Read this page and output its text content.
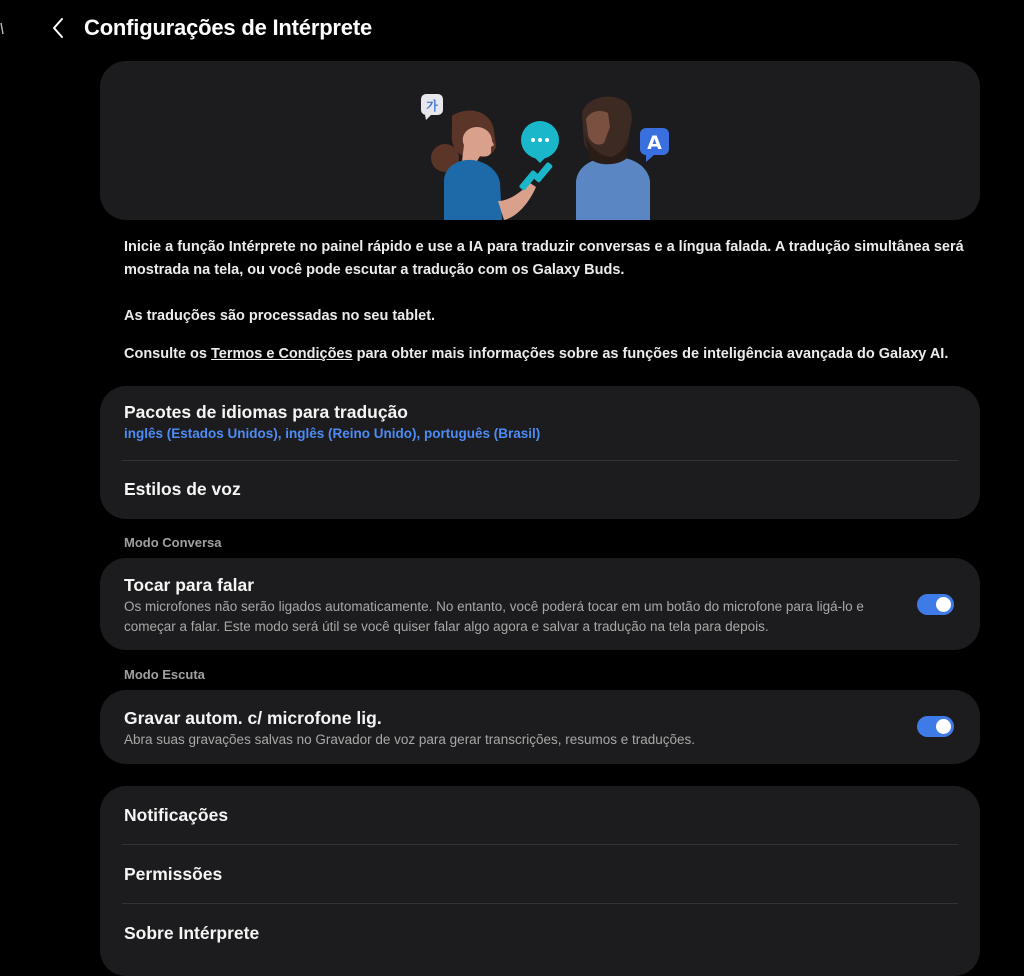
Configurações de Intérprete
가
A
Inicie a função Intérprete no painel rápido e use a IA para traduzir conversas e a língua falada. A tradução simultânea será mostrada na tela, ou você pode escutar a tradução com os Galaxy Buds.
As traduções são processadas no seu tablet.
Consulte os Termos e Condições para obter mais informações sobre as funções de inteligência avançada do Galaxy AI.
Pacotes de idiomas para tradução
inglês (Estados Unidos), inglês (Reino Unido), português (Brasil)
Estilos de voz
Modo Conversa
Tocar para falar
Os microfones não serão ligados automaticamente. No entanto, você poderá tocar em um botão do microfone para ligá-lo e começar a falar. Este modo será útil se você quiser falar algo agora e salvar a tradução na tela para depois.
Modo Escuta
Gravar autom. c/ microfone lig.
Abra suas gravações salvas no Gravador de voz para gerar transcrições, resumos e traduções.
Notificações
Permissões
Sobre Intérprete
